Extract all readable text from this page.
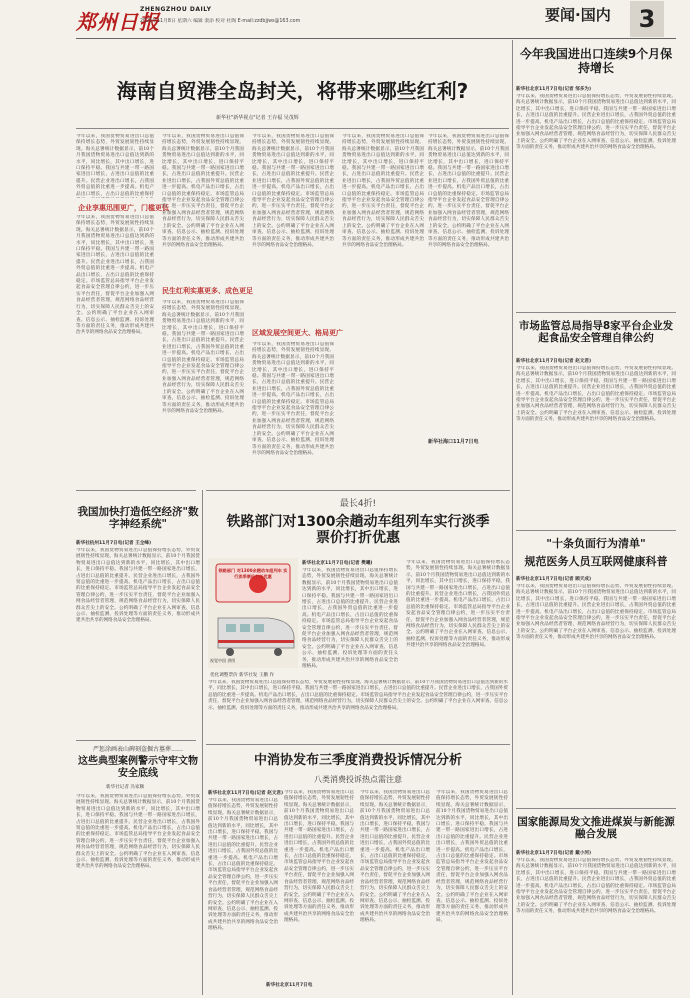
郑州日报
ZHENGZHOU DAILY
2025年11月8日 星期六 编辑 栾添 校对 杜陶 E-mail:zzdbjjws@163.com	要闻·国内	3
海南自贸港全岛封关，将带来哪些红利?
新华社"新华视点"记者 王存福 吴茂辉
今年以来，我国货物贸易进出口总值保持增长态势，外贸发展韧性持续显现。海关总署统计数据显示，前10个月我国货物贸易进出口总值达到新的水平，同比增长，其中出口增长，进口保持平稳。我国与共建一带一路国家进出口增长，占进出口总值的比重提升。民营企业进出口增长，占我国外贸总值的比重进一步提高。机电产品出口增长，占出口总值的比重保持
企业享惠迅围更广，门槛更低
今年以来，我国货物贸易进出口总值保持增长态势，外贸发展韧性持续显现。海关总署统计数据显示，前10个月我国货物贸易进出口总值达到新的水平，同比增长，其中出口增长，进口保持平稳。我国与共建一带一路国家进出口增长，占进出口总值的比重提升。民营企业进出口增长，占我国外贸总值的比重进一步提高。机电产品出口增长，占出口总值的比重保持稳定。市场监管总局指导平台企业发起食品安全管理自律公约，进一步压实平台责任，督促平台企业加强入网食品经营者管理，规范网络食品经营行为，切实保障人民群众舌尖上的安全。公约明确了平台企业在入网审查、信息公示、抽检监测、投诉处理等方面的责任义务，推动形成共建共治共享的网络食品安全治理格局。
今年以来，我国货物贸易进出口总值保持增长态势，外贸发展韧性持续显现。海关总署统计数据显示，前10个月我国货物贸易进出口总值达到新的水平，同比增长，其中出口增长，进口保持平稳。我国与共建一带一路国家进出口增长，占进出口总值的比重提升。民营企业进出口增长，占我国外贸总值的比重进一步提高。机电产品出口增长，占出口总值的比重保持稳定。市场监管总局指导平台企业发起食品安全管理自律公约，进一步压实平台责任，督促平台企业加强入网食品经营者管理，规范网络食品经营行为，切实保障人民群众舌尖上的安全。公约明确了平台企业在入网审查、信息公示、抽检监测、投诉处理等方面的责任义务，推动形成共建共治共享的网络食品安全治理格局。
民生红利实惠更多、成色更足
今年以来，我国货物贸易进出口总值保持增长态势，外贸发展韧性持续显现。海关总署统计数据显示，前10个月我国货物贸易进出口总值达到新的水平，同比增长，其中出口增长，进口保持平稳。我国与共建一带一路国家进出口增长，占进出口总值的比重提升。民营企业进出口增长，占我国外贸总值的比重进一步提高。机电产品出口增长，占出口总值的比重保持稳定。市场监管总局指导平台企业发起食品安全管理自律公约，进一步压实平台责任，督促平台企业加强入网食品经营者管理，规范网络食品经营行为，切实保障人民群众舌尖上的安全。公约明确了平台企业在入网审查、信息公示、抽检监测、投诉处理等方面的责任义务，推动形成共建共治共享的网络食品安全治理格局。
今年以来，我国货物贸易进出口总值保持增长态势，外贸发展韧性持续显现。海关总署统计数据显示，前10个月我国货物贸易进出口总值达到新的水平，同比增长，其中出口增长，进口保持平稳。我国与共建一带一路国家进出口增长，占进出口总值的比重提升。民营企业进出口增长，占我国外贸总值的比重进一步提高。机电产品出口增长，占出口总值的比重保持稳定。市场监管总局指导平台企业发起食品安全管理自律公约，进一步压实平台责任，督促平台企业加强入网食品经营者管理，规范网络食品经营行为，切实保障人民群众舌尖上的安全。公约明确了平台企业在入网审查、信息公示、抽检监测、投诉处理等方面的责任义务，推动形成共建共治共享的网络食品安全治理格局。
区域发展空间更大、格局更广
今年以来，我国货物贸易进出口总值保持增长态势，外贸发展韧性持续显现。海关总署统计数据显示，前10个月我国货物贸易进出口总值达到新的水平，同比增长，其中出口增长，进口保持平稳。我国与共建一带一路国家进出口增长，占进出口总值的比重提升。民营企业进出口增长，占我国外贸总值的比重进一步提高。机电产品出口增长，占出口总值的比重保持稳定。市场监管总局指导平台企业发起食品安全管理自律公约，进一步压实平台责任，督促平台企业加强入网食品经营者管理，规范网络食品经营行为，切实保障人民群众舌尖上的安全。公约明确了平台企业在入网审查、信息公示、抽检监测、投诉处理等方面的责任义务，推动形成共建共治共享的网络食品安全治理格局。
今年以来，我国货物贸易进出口总值保持增长态势，外贸发展韧性持续显现。海关总署统计数据显示，前10个月我国货物贸易进出口总值达到新的水平，同比增长，其中出口增长，进口保持平稳。我国与共建一带一路国家进出口增长，占进出口总值的比重提升。民营企业进出口增长，占我国外贸总值的比重进一步提高。机电产品出口增长，占出口总值的比重保持稳定。市场监管总局指导平台企业发起食品安全管理自律公约，进一步压实平台责任，督促平台企业加强入网食品经营者管理，规范网络食品经营行为，切实保障人民群众舌尖上的安全。公约明确了平台企业在入网审查、信息公示、抽检监测、投诉处理等方面的责任义务，推动形成共建共治共享的网络食品安全治理格局。
今年以来，我国货物贸易进出口总值保持增长态势，外贸发展韧性持续显现。海关总署统计数据显示，前10个月我国货物贸易进出口总值达到新的水平，同比增长，其中出口增长，进口保持平稳。我国与共建一带一路国家进出口增长，占进出口总值的比重提升。民营企业进出口增长，占我国外贸总值的比重进一步提高。机电产品出口增长，占出口总值的比重保持稳定。市场监管总局指导平台企业发起食品安全管理自律公约，进一步压实平台责任，督促平台企业加强入网食品经营者管理，规范网络食品经营行为，切实保障人民群众舌尖上的安全。公约明确了平台企业在入网审查、信息公示、抽检监测、投诉处理等方面的责任义务，推动形成共建共治共享的网络食品安全治理格局。
新华社海口11月7日电
今年我国进出口连续9个月保持增长
新华社北京11月7日电(记者 邹多为)
今年以来，我国货物贸易进出口总值保持增长态势，外贸发展韧性持续显现。海关总署统计数据显示，前10个月我国货物贸易进出口总值达到新的水平，同比增长，其中出口增长，进口保持平稳。我国与共建一带一路国家进出口增长，占进出口总值的比重提升。民营企业进出口增长，占我国外贸总值的比重进一步提高。机电产品出口增长，占出口总值的比重保持稳定。市场监管总局指导平台企业发起食品安全管理自律公约，进一步压实平台责任，督促平台企业加强入网食品经营者管理，规范网络食品经营行为，切实保障人民群众舌尖上的安全。公约明确了平台企业在入网审查、信息公示、抽检监测、投诉处理等方面的责任义务，推动形成共建共治共享的网络食品安全治理格局。
市场监管总局指导8家平台企业发起食品安全管理自律公约
新华社北京11月7日电(记者 赵文君)
今年以来，我国货物贸易进出口总值保持增长态势，外贸发展韧性持续显现。海关总署统计数据显示，前10个月我国货物贸易进出口总值达到新的水平，同比增长，其中出口增长，进口保持平稳。我国与共建一带一路国家进出口增长，占进出口总值的比重提升。民营企业进出口增长，占我国外贸总值的比重进一步提高。机电产品出口增长，占出口总值的比重保持稳定。市场监管总局指导平台企业发起食品安全管理自律公约，进一步压实平台责任，督促平台企业加强入网食品经营者管理，规范网络食品经营行为，切实保障人民群众舌尖上的安全。公约明确了平台企业在入网审查、信息公示、抽检监测、投诉处理等方面的责任义务，推动形成共建共治共享的网络食品安全治理格局。
我国加快打造低空经济"数字神经系统"
新华社杭州11月7日电(记者 王全峰)
今年以来，我国货物贸易进出口总值保持增长态势，外贸发展韧性持续显现。海关总署统计数据显示，前10个月我国货物贸易进出口总值达到新的水平，同比增长，其中出口增长，进口保持平稳。我国与共建一带一路国家进出口增长，占进出口总值的比重提升。民营企业进出口增长，占我国外贸总值的比重进一步提高。机电产品出口增长，占出口总值的比重保持稳定。市场监管总局指导平台企业发起食品安全管理自律公约，进一步压实平台责任，督促平台企业加强入网食品经营者管理，规范网络食品经营行为，切实保障人民群众舌尖上的安全。公约明确了平台企业在入网审查、信息公示、抽检监测、投诉处理等方面的责任义务，推动形成共建共治共享的网络食品安全治理格局。
最长4折!
铁路部门对1300余趟动车组列车实行淡季票价打折优惠
铁路部门 对1300余趟动车组列车 实行淡季票价打折优惠
视觉中国 供图
优化调整票价 新华社发 王鹏 作
新华社北京11月7日电(记者 樊曦)
今年以来，我国货物贸易进出口总值保持增长态势，外贸发展韧性持续显现。海关总署统计数据显示，前10个月我国货物贸易进出口总值达到新的水平，同比增长，其中出口增长，进口保持平稳。我国与共建一带一路国家进出口增长，占进出口总值的比重提升。民营企业进出口增长，占我国外贸总值的比重进一步提高。机电产品出口增长，占出口总值的比重保持稳定。市场监管总局指导平台企业发起食品安全管理自律公约，进一步压实平台责任，督促平台企业加强入网食品经营者管理，规范网络食品经营行为，切实保障人民群众舌尖上的安全。公约明确了平台企业在入网审查、信息公示、抽检监测、投诉处理等方面的责任义务，推动形成共建共治共享的网络食品安全治理格局。
今年以来，我国货物贸易进出口总值保持增长态势，外贸发展韧性持续显现。海关总署统计数据显示，前10个月我国货物贸易进出口总值达到新的水平，同比增长，其中出口增长，进口保持平稳。我国与共建一带一路国家进出口增长，占进出口总值的比重提升。民营企业进出口增长，占我国外贸总值的比重进一步提高。机电产品出口增长，占出口总值的比重保持稳定。市场监管总局指导平台企业发起食品安全管理自律公约，进一步压实平台责任，督促平台企业加强入网食品经营者管理，规范网络食品经营行为，切实保障人民群众舌尖上的安全。公约明确了平台企业在入网审查、信息公示、抽检监测、投诉处理等方面的责任义务，推动形成共建共治共享的网络食品安全治理格局。
今年以来，我国货物贸易进出口总值保持增长态势，外贸发展韧性持续显现。海关总署统计数据显示，前10个月我国货物贸易进出口总值达到新的水平，同比增长，其中出口增长，进口保持平稳。我国与共建一带一路国家进出口增长，占进出口总值的比重提升。民营企业进出口增长，占我国外贸总值的比重进一步提高。机电产品出口增长，占出口总值的比重保持稳定。市场监管总局指导平台企业发起食品安全管理自律公约，进一步压实平台责任，督促平台企业加强入网食品经营者管理，规范网络食品经营行为，切实保障人民群众舌尖上的安全。公约明确了平台企业在入网审查、信息公示、抽检监测、投诉处理等方面的责任义务，推动形成共建共治共享的网络食品安全治理格局。
"十条负面行为清单"
规范医务人员互联网健康科普
新华社北京11月7日电(记者 顾天成)
今年以来，我国货物贸易进出口总值保持增长态势，外贸发展韧性持续显现。海关总署统计数据显示，前10个月我国货物贸易进出口总值达到新的水平，同比增长，其中出口增长，进口保持平稳。我国与共建一带一路国家进出口增长，占进出口总值的比重提升。民营企业进出口增长，占我国外贸总值的比重进一步提高。机电产品出口增长，占出口总值的比重保持稳定。市场监管总局指导平台企业发起食品安全管理自律公约，进一步压实平台责任，督促平台企业加强入网食品经营者管理，规范网络食品经营行为，切实保障人民群众舌尖上的安全。公约明确了平台企业在入网审查、信息公示、抽检监测、投诉处理等方面的责任义务，推动形成共建共治共享的网络食品安全治理格局。
严惩涂画表山碑刻盗掘古墓葬……
这些典型案例警示守牢文物安全底线
新华社记者 冯家顺
今年以来，我国货物贸易进出口总值保持增长态势，外贸发展韧性持续显现。海关总署统计数据显示，前10个月我国货物贸易进出口总值达到新的水平，同比增长，其中出口增长，进口保持平稳。我国与共建一带一路国家进出口增长，占进出口总值的比重提升。民营企业进出口增长，占我国外贸总值的比重进一步提高。机电产品出口增长，占出口总值的比重保持稳定。市场监管总局指导平台企业发起食品安全管理自律公约，进一步压实平台责任，督促平台企业加强入网食品经营者管理，规范网络食品经营行为，切实保障人民群众舌尖上的安全。公约明确了平台企业在入网审查、信息公示、抽检监测、投诉处理等方面的责任义务，推动形成共建共治共享的网络食品安全治理格局。
中消协发布三季度消费投诉情况分析
八类消费投诉热点需注意
新华社北京11月7日电(记者 赵文君)
今年以来，我国货物贸易进出口总值保持增长态势，外贸发展韧性持续显现。海关总署统计数据显示，前10个月我国货物贸易进出口总值达到新的水平，同比增长，其中出口增长，进口保持平稳。我国与共建一带一路国家进出口增长，占进出口总值的比重提升。民营企业进出口增长，占我国外贸总值的比重进一步提高。机电产品出口增长，占出口总值的比重保持稳定。市场监管总局指导平台企业发起食品安全管理自律公约，进一步压实平台责任，督促平台企业加强入网食品经营者管理，规范网络食品经营行为，切实保障人民群众舌尖上的安全。公约明确了平台企业在入网审查、信息公示、抽检监测、投诉处理等方面的责任义务，推动形成共建共治共享的网络食品安全治理格局。
今年以来，我国货物贸易进出口总值保持增长态势，外贸发展韧性持续显现。海关总署统计数据显示，前10个月我国货物贸易进出口总值达到新的水平，同比增长，其中出口增长，进口保持平稳。我国与共建一带一路国家进出口增长，占进出口总值的比重提升。民营企业进出口增长，占我国外贸总值的比重进一步提高。机电产品出口增长，占出口总值的比重保持稳定。市场监管总局指导平台企业发起食品安全管理自律公约，进一步压实平台责任，督促平台企业加强入网食品经营者管理，规范网络食品经营行为，切实保障人民群众舌尖上的安全。公约明确了平台企业在入网审查、信息公示、抽检监测、投诉处理等方面的责任义务，推动形成共建共治共享的网络食品安全治理格局。
今年以来，我国货物贸易进出口总值保持增长态势，外贸发展韧性持续显现。海关总署统计数据显示，前10个月我国货物贸易进出口总值达到新的水平，同比增长，其中出口增长，进口保持平稳。我国与共建一带一路国家进出口增长，占进出口总值的比重提升。民营企业进出口增长，占我国外贸总值的比重进一步提高。机电产品出口增长，占出口总值的比重保持稳定。市场监管总局指导平台企业发起食品安全管理自律公约，进一步压实平台责任，督促平台企业加强入网食品经营者管理，规范网络食品经营行为，切实保障人民群众舌尖上的安全。公约明确了平台企业在入网审查、信息公示、抽检监测、投诉处理等方面的责任义务，推动形成共建共治共享的网络食品安全治理格局。
今年以来，我国货物贸易进出口总值保持增长态势，外贸发展韧性持续显现。海关总署统计数据显示，前10个月我国货物贸易进出口总值达到新的水平，同比增长，其中出口增长，进口保持平稳。我国与共建一带一路国家进出口增长，占进出口总值的比重提升。民营企业进出口增长，占我国外贸总值的比重进一步提高。机电产品出口增长，占出口总值的比重保持稳定。市场监管总局指导平台企业发起食品安全管理自律公约，进一步压实平台责任，督促平台企业加强入网食品经营者管理，规范网络食品经营行为，切实保障人民群众舌尖上的安全。公约明确了平台企业在入网审查、信息公示、抽检监测、投诉处理等方面的责任义务，推动形成共建共治共享的网络食品安全治理格局。
新华社北京11月7日电
国家能源局发文推进煤炭与新能源融合发展
新华社北京11月7日电(记者 戴小河)
今年以来，我国货物贸易进出口总值保持增长态势，外贸发展韧性持续显现。海关总署统计数据显示，前10个月我国货物贸易进出口总值达到新的水平，同比增长，其中出口增长，进口保持平稳。我国与共建一带一路国家进出口增长，占进出口总值的比重提升。民营企业进出口增长，占我国外贸总值的比重进一步提高。机电产品出口增长，占出口总值的比重保持稳定。市场监管总局指导平台企业发起食品安全管理自律公约，进一步压实平台责任，督促平台企业加强入网食品经营者管理，规范网络食品经营行为，切实保障人民群众舌尖上的安全。公约明确了平台企业在入网审查、信息公示、抽检监测、投诉处理等方面的责任义务，推动形成共建共治共享的网络食品安全治理格局。
